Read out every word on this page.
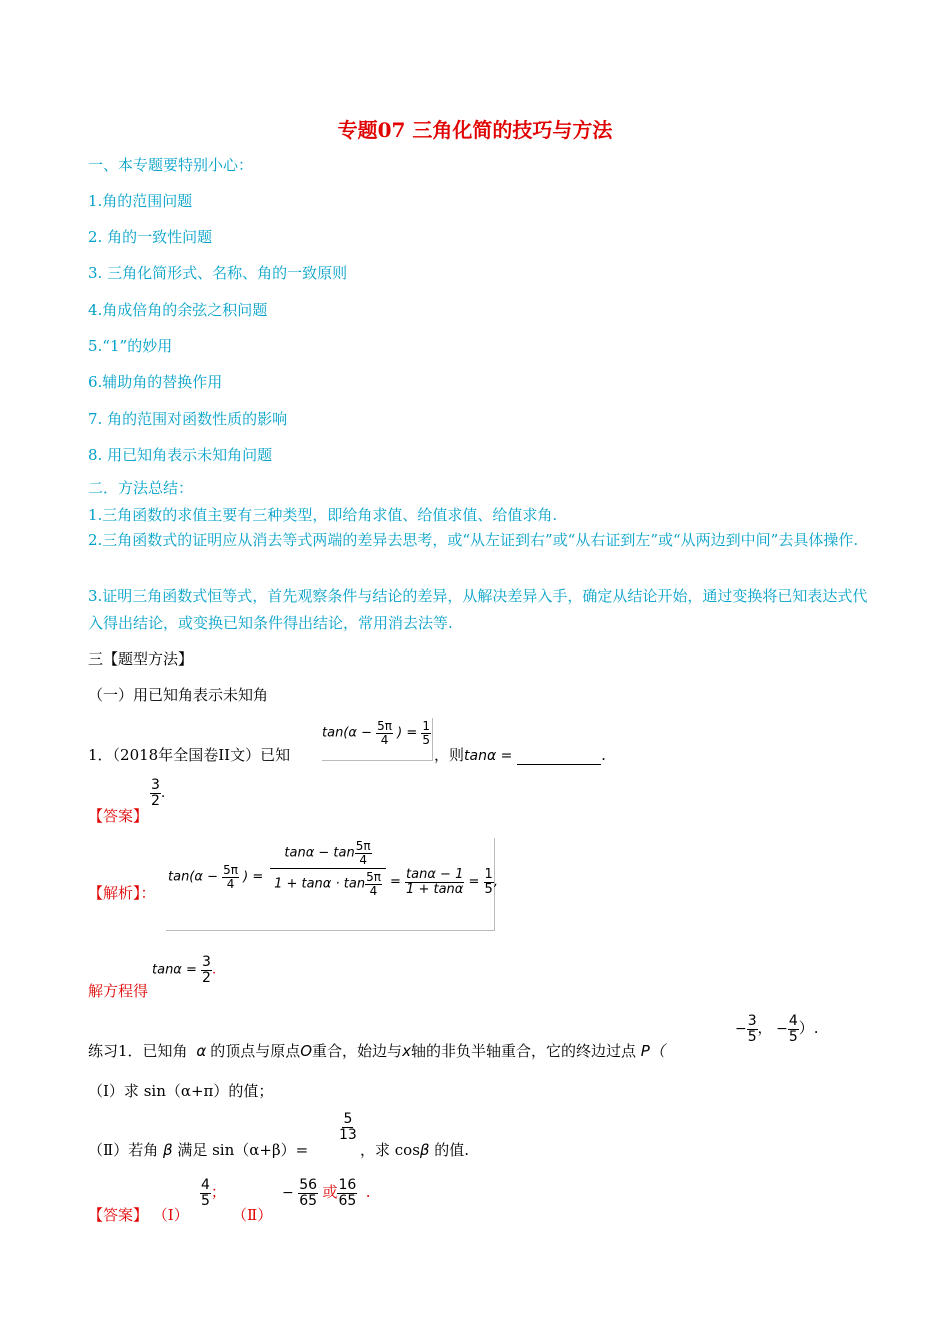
专题07 三角化简的技巧与方法
一、本专题要特别小心：
1.角的范围问题
2. 角的一致性问题
3. 三角化简形式、名称、角的一致原则
4.角成倍角的余弦之积问题
5.“1”的妙用
6.辅助角的替换作用
7. 角的范围对函数性质的影响
8. 用已知角表示未知角问题
二．方法总结：
1.三角函数的求值主要有三种类型，即给角求值、给值求值、给值求角.
2.三角函数式的证明应从消去等式两端的差异去思考，或“从左证到右”或“从右证到左”或“从两边到中间”去具体操作.
3.证明三角函数式恒等式，首先观察条件与结论的差异，从解决差异入手，确定从结论开始，通过变换将已知表达式代入得出结论，或变换已知条件得出结论，常用消去法等.
三【题型方法】
（一）用已知角表示未知角
1．（2018年全国卷II文）已知
$\tan(\alpha - \frac{5\pi}{4}$ ) = $\frac{1}{5}$
，则tanα =	.
【答案】
$\frac{3}{2}$ .
【解析】：
$\tan(\alpha - \frac{5\pi}{4}$ ) =
$\tan\alpha - \tan \frac{5\pi}{4}$
$1 + \tan\alpha \cdot \tan \frac{5\pi}{4} = \frac{\tan\alpha - 1}{1 + \tan\alpha} = \frac{1}{5}$ ,
解方程得
$\tan\alpha = \frac{3}{2}$ .
练习1．已知角 α 的顶点与原点O重合，始边与x轴的非负半轴重合，它的终边过点 P（
− $\frac{3}{5}$ ， − $\frac{4}{5}$ ）.
（Ⅰ）求 sin（α+π）的值；
（Ⅱ）若角 β 满足 sin（α+β）=
$\frac{5}{13}$
，求 cosβ 的值.
【答案】 （Ⅰ）
$\frac{4}{5}$ ；
（Ⅱ）
− $\frac{56}{65}$ 或 $\frac{16}{65}$ .
